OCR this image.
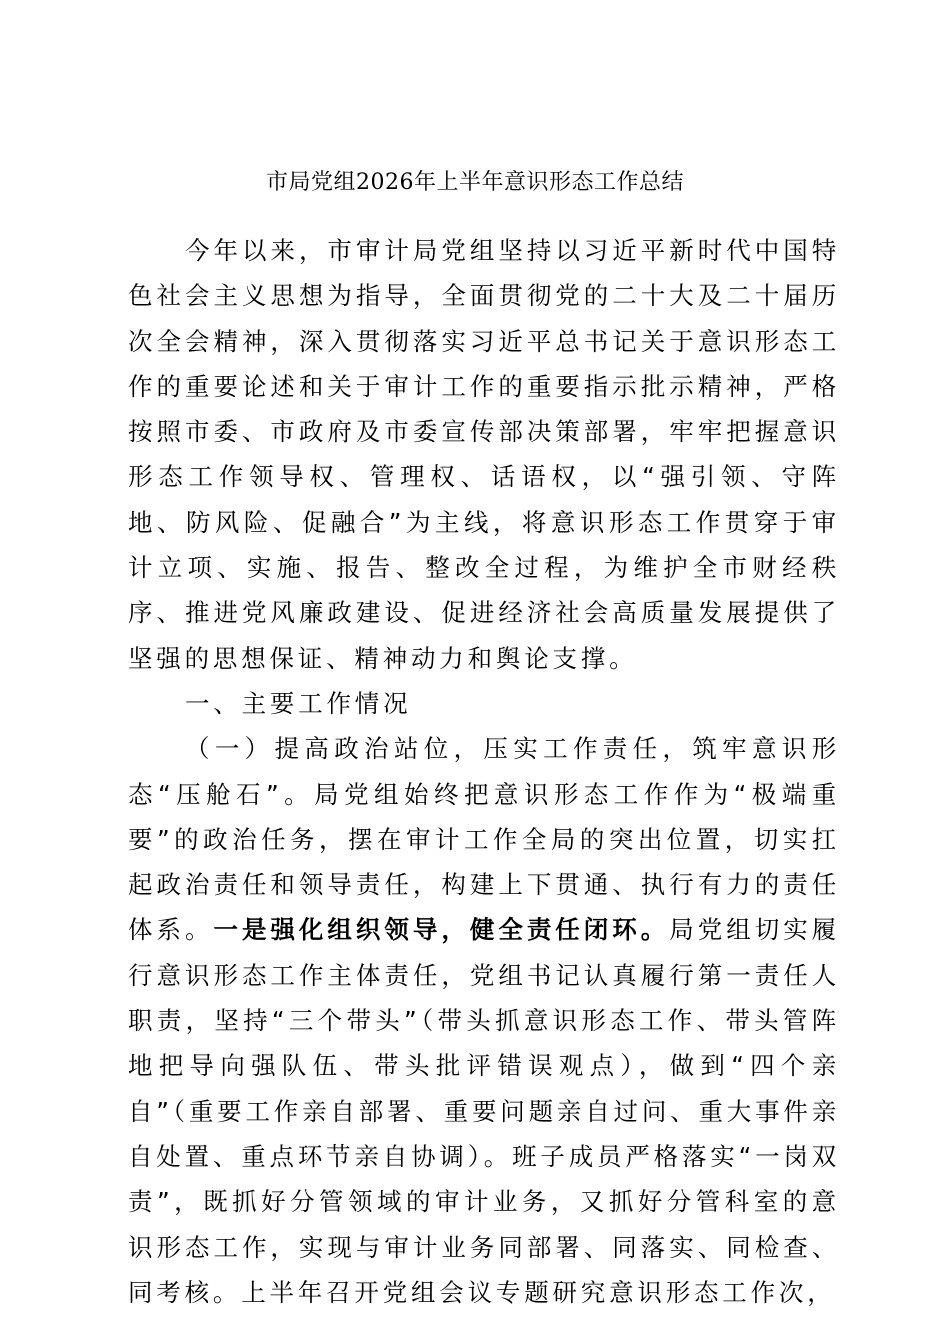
市局党组2026年上半年意识形态工作总结

今年以来，市审计局党组坚持以习近平新时代中国特色社会主义思想为指导，全面贯彻党的二十大及二十届历次全会精神，深入贯彻落实习近平总书记关于意识形态工作的重要论述和关于审计工作的重要指示批示精神，严格按照市委、市政府及市委宣传部决策部署，牢牢把握意识形态工作领导权、管理权、话语权，以“强引领、守阵地、防风险、促融合”为主线，将意识形态工作贯穿于审计立项、实施、报告、整改全过程，为维护全市财经秩序、推进党风廉政建设、促进经济社会高质量发展提供了坚强的思想保证、精神动力和舆论支撑。

一、主要工作情况

（一）提高政治站位，压实工作责任，筑牢意识形态“压舱石”。局党组始终把意识形态工作作为“极端重要”的政治任务，摆在审计工作全局的突出位置，切实扛起政治责任和领导责任，构建上下贯通、执行有力的责任体系。一是强化组织领导，健全责任闭环。局党组切实履行意识形态工作主体责任，党组书记认真履行第一责任人职责，坚持“三个带头”（带头抓意识形态工作、带头管阵地把导向强队伍、带头批评错误观点），做到“四个亲自”（重要工作亲自部署、重要问题亲自过问、重大事件亲自处置、重点环节亲自协调）。班子成员严格落实“一岗双责”，既抓好分管领域的审计业务，又抓好分管科室的意识形态工作，实现与审计业务同部署、同落实、同检查、同考核。上半年召开党组会议专题研究意识形态工作次，
